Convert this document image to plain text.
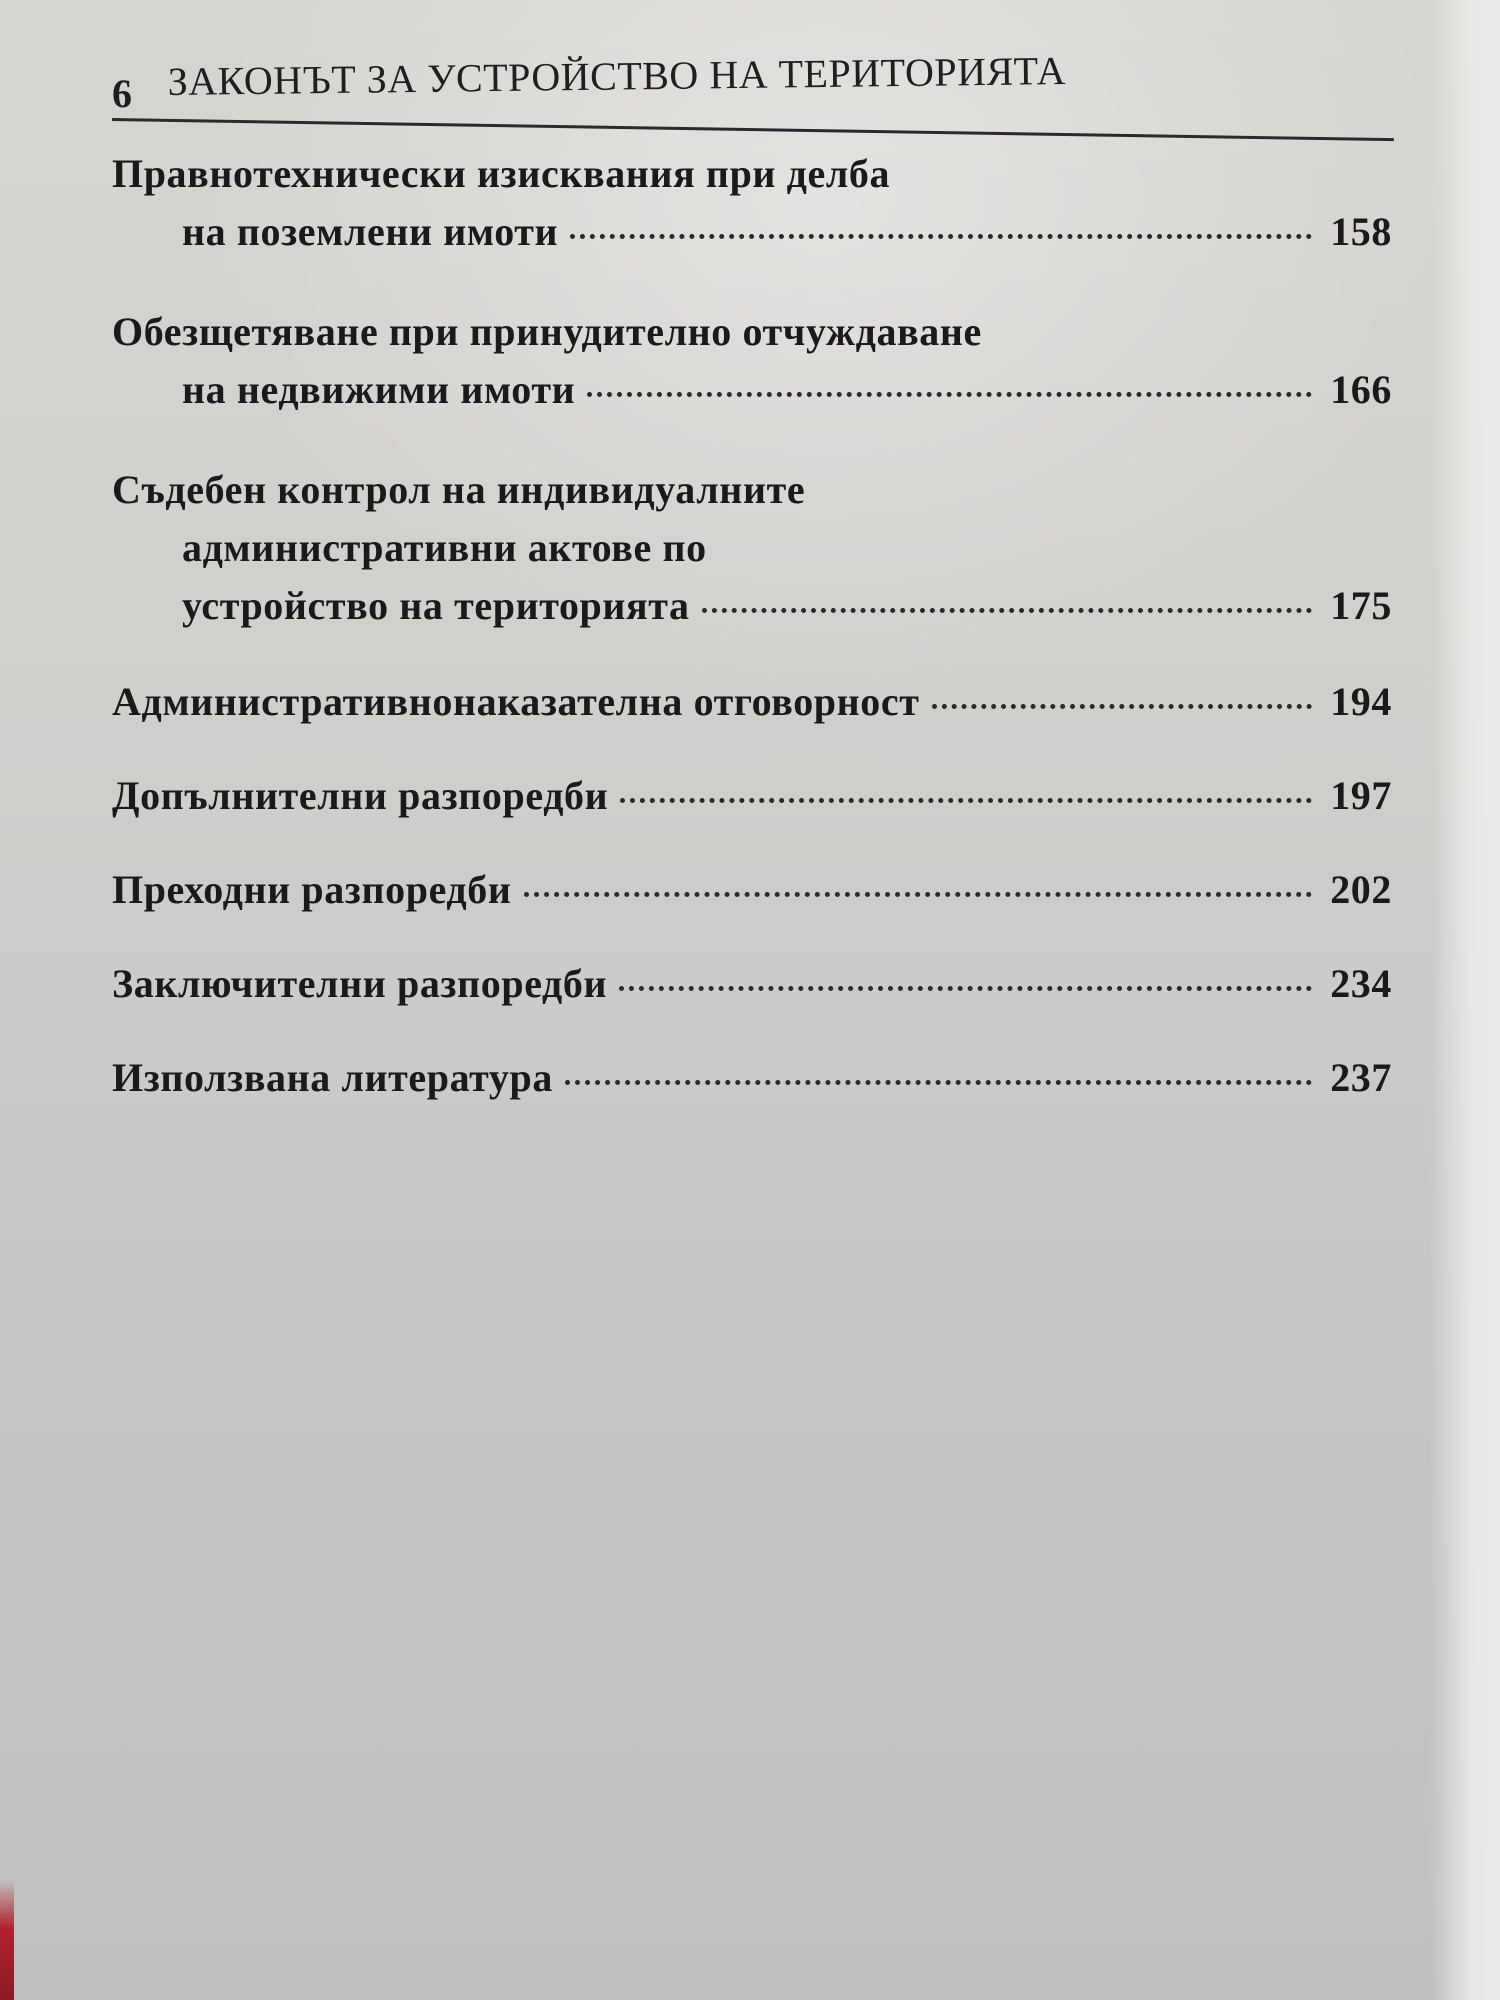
6 ЗАКОНЪТ ЗА УСТРОЙСТВО НА ТЕРИТОРИЯТА
Правнотехнически изисквания при делба
на поземлени имоти	158
Обезщетяване при принудително отчуждаване
на недвижими имоти	166
Съдебен контрол на индивидуалните
административни актове по
устройство на територията	175
Административнонаказателна отговорност	194
Допълнителни разпоредби	197
Преходни разпоредби	202
Заключителни разпоредби	234
Използвана литература	237
